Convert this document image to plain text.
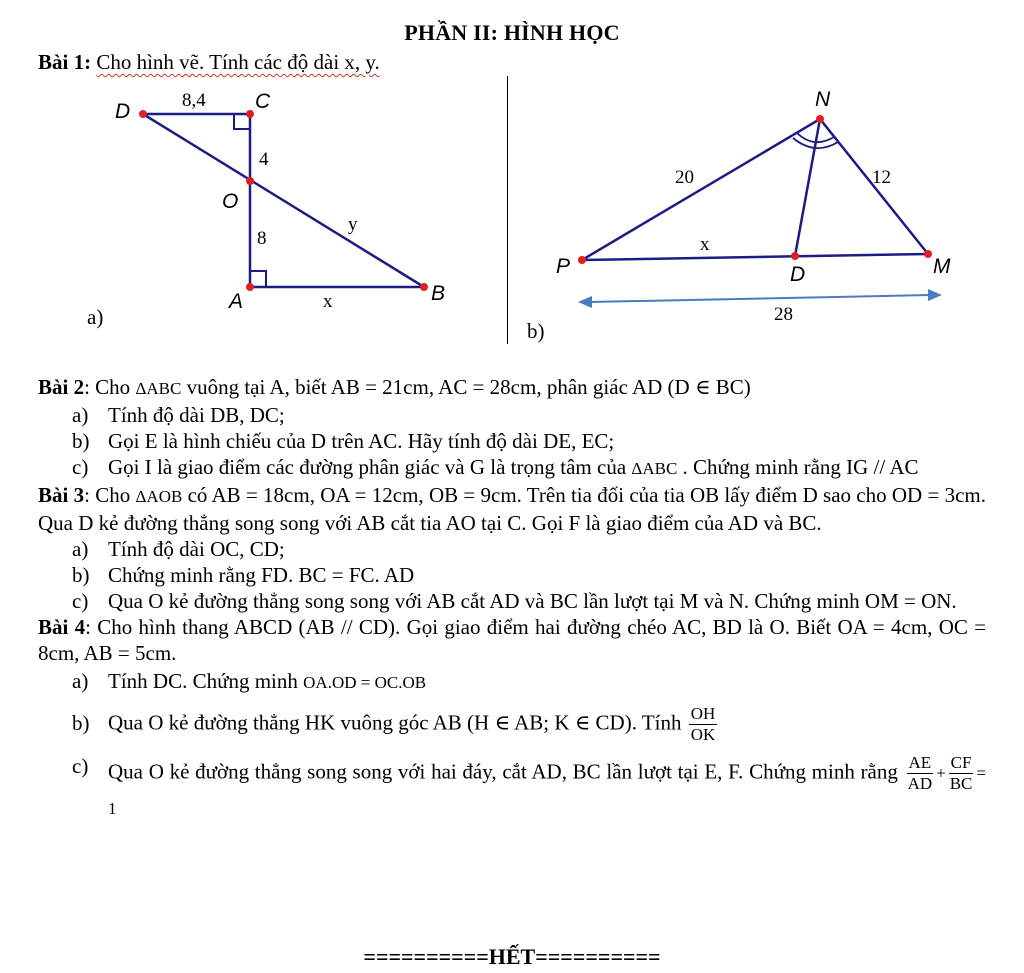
PHẦN II: HÌNH HỌC
Bài 1: Cho hình vẽ. Tính các độ dài x, y.
D	C
O
A	B
8,4
4
8
y
x
N
P	D	M
20	12
x
28
a)
b)
Bài 2: Cho ΔABC vuông tại A, biết AB = 21cm, AC = 28cm, phân giác AD (D ∈ BC)
a) Tính độ dài DB, DC;
b) Gọi E là hình chiếu của D trên AC. Hãy tính độ dài DE, EC;
c) Gọi I là giao điểm các đường phân giác và G là trọng tâm của ΔABC . Chứng minh rằng IG // AC
Bài 3: Cho ΔAOB có AB = 18cm, OA = 12cm, OB = 9cm. Trên tia đối của tia OB lấy điểm D sao cho OD = 3cm. Qua D kẻ đường thẳng song song với AB cắt tia AO tại C. Gọi F là giao điểm của AD và BC.
a) Tính độ dài OC, CD;
b) Chứng minh rằng FD. BC = FC. AD
c) Qua O kẻ đường thẳng song song với AB cắt AD và BC lần lượt tại M và N. Chứng minh OM = ON.
Bài 4: Cho hình thang ABCD (AB // CD). Gọi giao điểm hai đường chéo AC, BD là O. Biết OA = 4cm, OC = 8cm, AB = 5cm.
a) Tính DC. Chứng minh OA.OD = OC.OB
b) Qua O kẻ đường thẳng HK vuông góc AB (H ∈ AB; K ∈ CD). Tính $\frac{OH}{OK}$
c) Qua O kẻ đường thẳng song song với hai đáy, cắt AD, BC lần lượt tại E, F. Chứng minh rằng $\frac{AE}{AD} + \frac{CF}{BC} = 1$
==========HẾT==========
